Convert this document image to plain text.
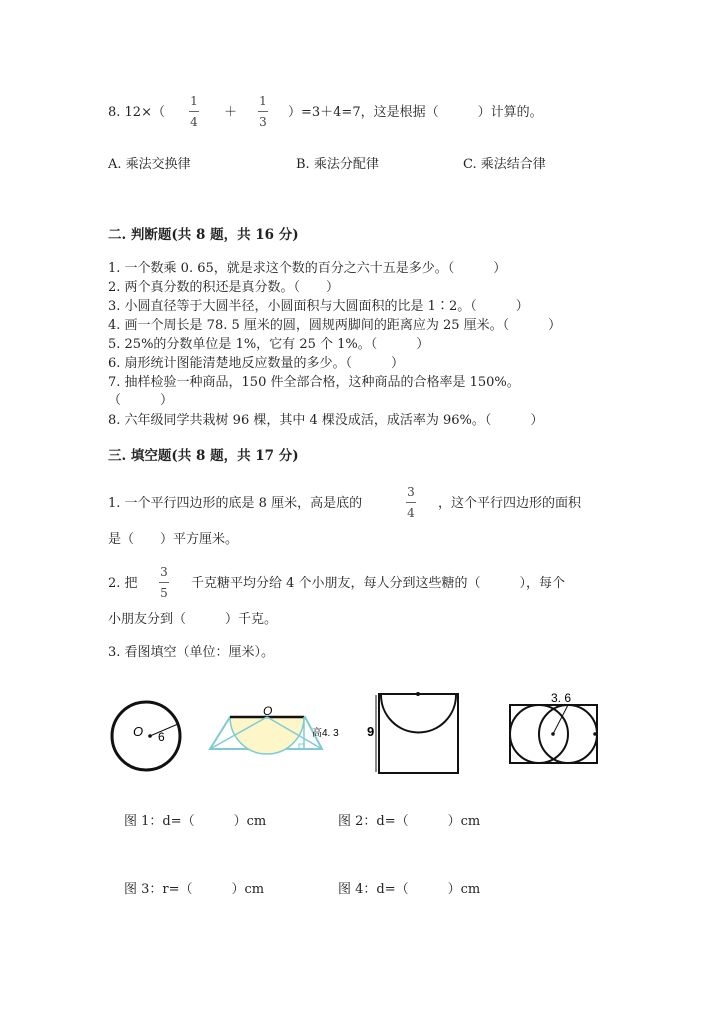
8. 12×（
1
4
＋
1
3
）=3＋4=7，这是根据（　　　）计算的。
A. 乘法交换律	B. 乘法分配律	C. 乘法结合律
二. 判断题(共 8 题，共 16 分)
1. 一个数乘 0. 65，就是求这个数的百分之六十五是多少。（　　　）
2. 两个真分数的积还是真分数。（　　）
3. 小圆直径等于大圆半径，小圆面积与大圆面积的比是 1∶2。（　　　）
4. 画一个周长是 78. 5 厘米的圆，圆规两脚间的距离应为 25 厘米。（　　　）
5. 25%的分数单位是 1%，它有 25 个 1%。（　　　）
6. 扇形统计图能清楚地反应数量的多少。（　　　）
7. 抽样检验一种商品，150 件全部合格，这种商品的合格率是 150%。
（　　　）
8. 六年级同学共栽树 96 棵，其中 4 棵没成活，成活率为 96%。（　　　）
三. 填空题(共 8 题，共 17 分)
1. 一个平行四边形的底是 8 厘米，高是底的
3
4
，这个平行四边形的面积
是（　　）平方厘米。
2. 把
3
5
千克糖平均分给 4 个小朋友，每人分到这些糖的（　　　），每个
小朋友分到（　　　）千克。
3. 看图填空（单位：厘米）。
O 6
O
高4. 3 9
3. 6
图 1：d=（　　　）cm	图 2：d=（　　　）cm
图 3：r=（　　　）cm	图 4：d=（　　　）cm
